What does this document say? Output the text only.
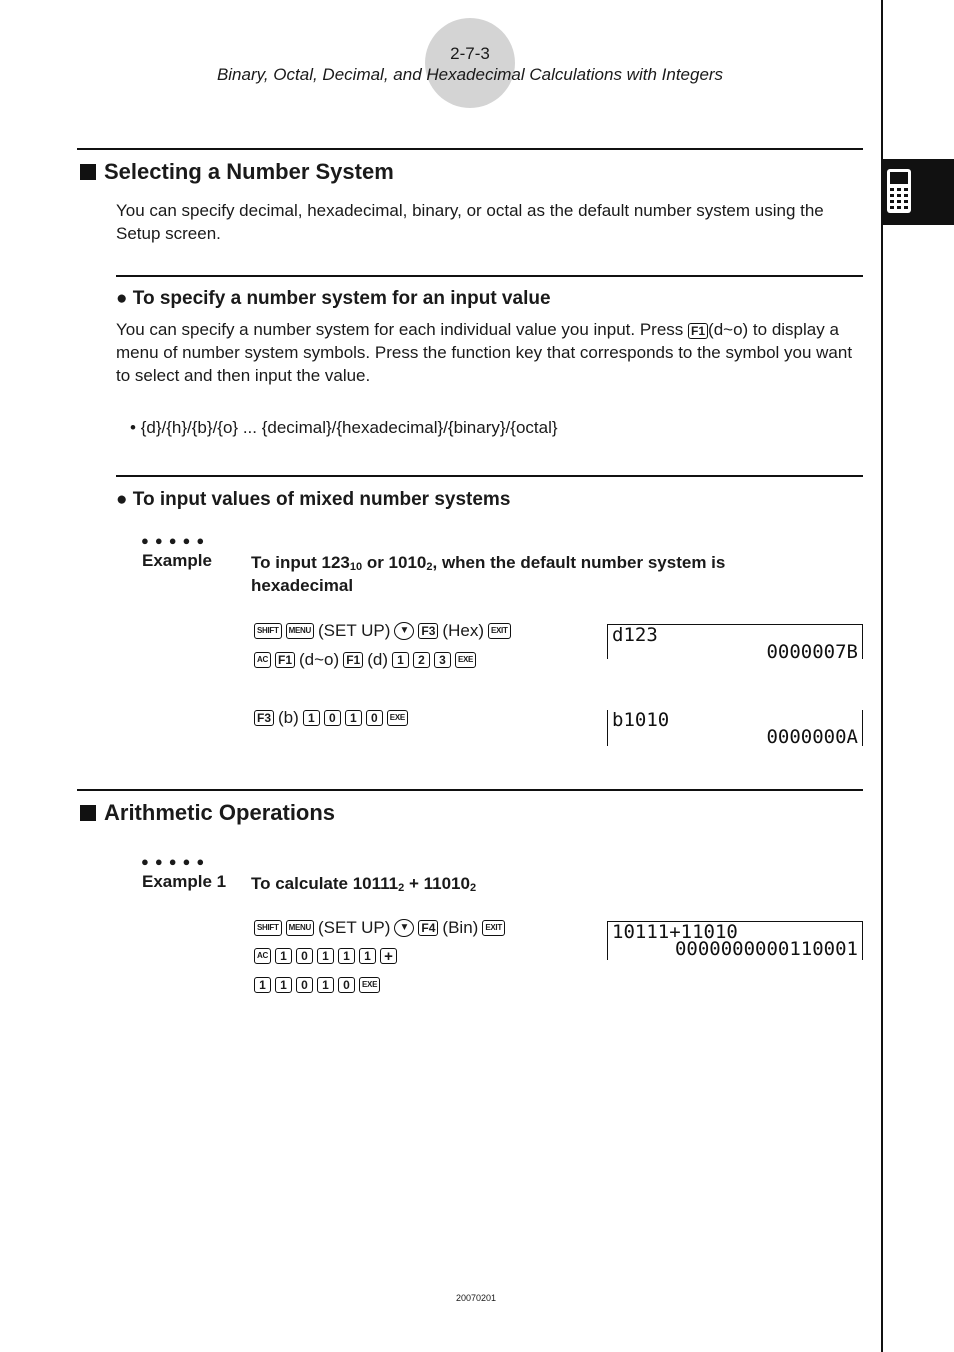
2-7-3
Binary, Octal, Decimal, and Hexadecimal Calculations with Integers
Selecting a Number System
You can specify decimal, hexadecimal, binary, or octal as the default number system using the Setup screen.
● To specify a number system for an input value
You can specify a number system for each individual value you input. Press F1 (d~o) to display a menu of number system symbols. Press the function key that corresponds to the symbol you want to select and then input the value.
• {d}/{h}/{b}/{o} ... {decimal}/{hexadecimal}/{binary}/{octal}
● To input values of mixed number systems
●●●●●
Example To input $123_{10}$ or $1010_2$, when the default number system is hexadecimal
SHIFT	MENU (SET UP) ▼	F3 (Hex) EXIT
AC F1 (d~o) F1 (d) 1	2	3	EXE
F3 (b) 1	0	1	0	EXE
d123
0000007B
b1010
0000000A
Arithmetic Operations
●●●●●
Example 1 To calculate $10111_2 + 11010_2$
SHIFT	MENU (SET UP) ▼	F4 (Bin) EXIT
AC	1	0	1	1	1 +
1	1	0	1	0	EXE
10111+11010
0000000000110001
20070201
